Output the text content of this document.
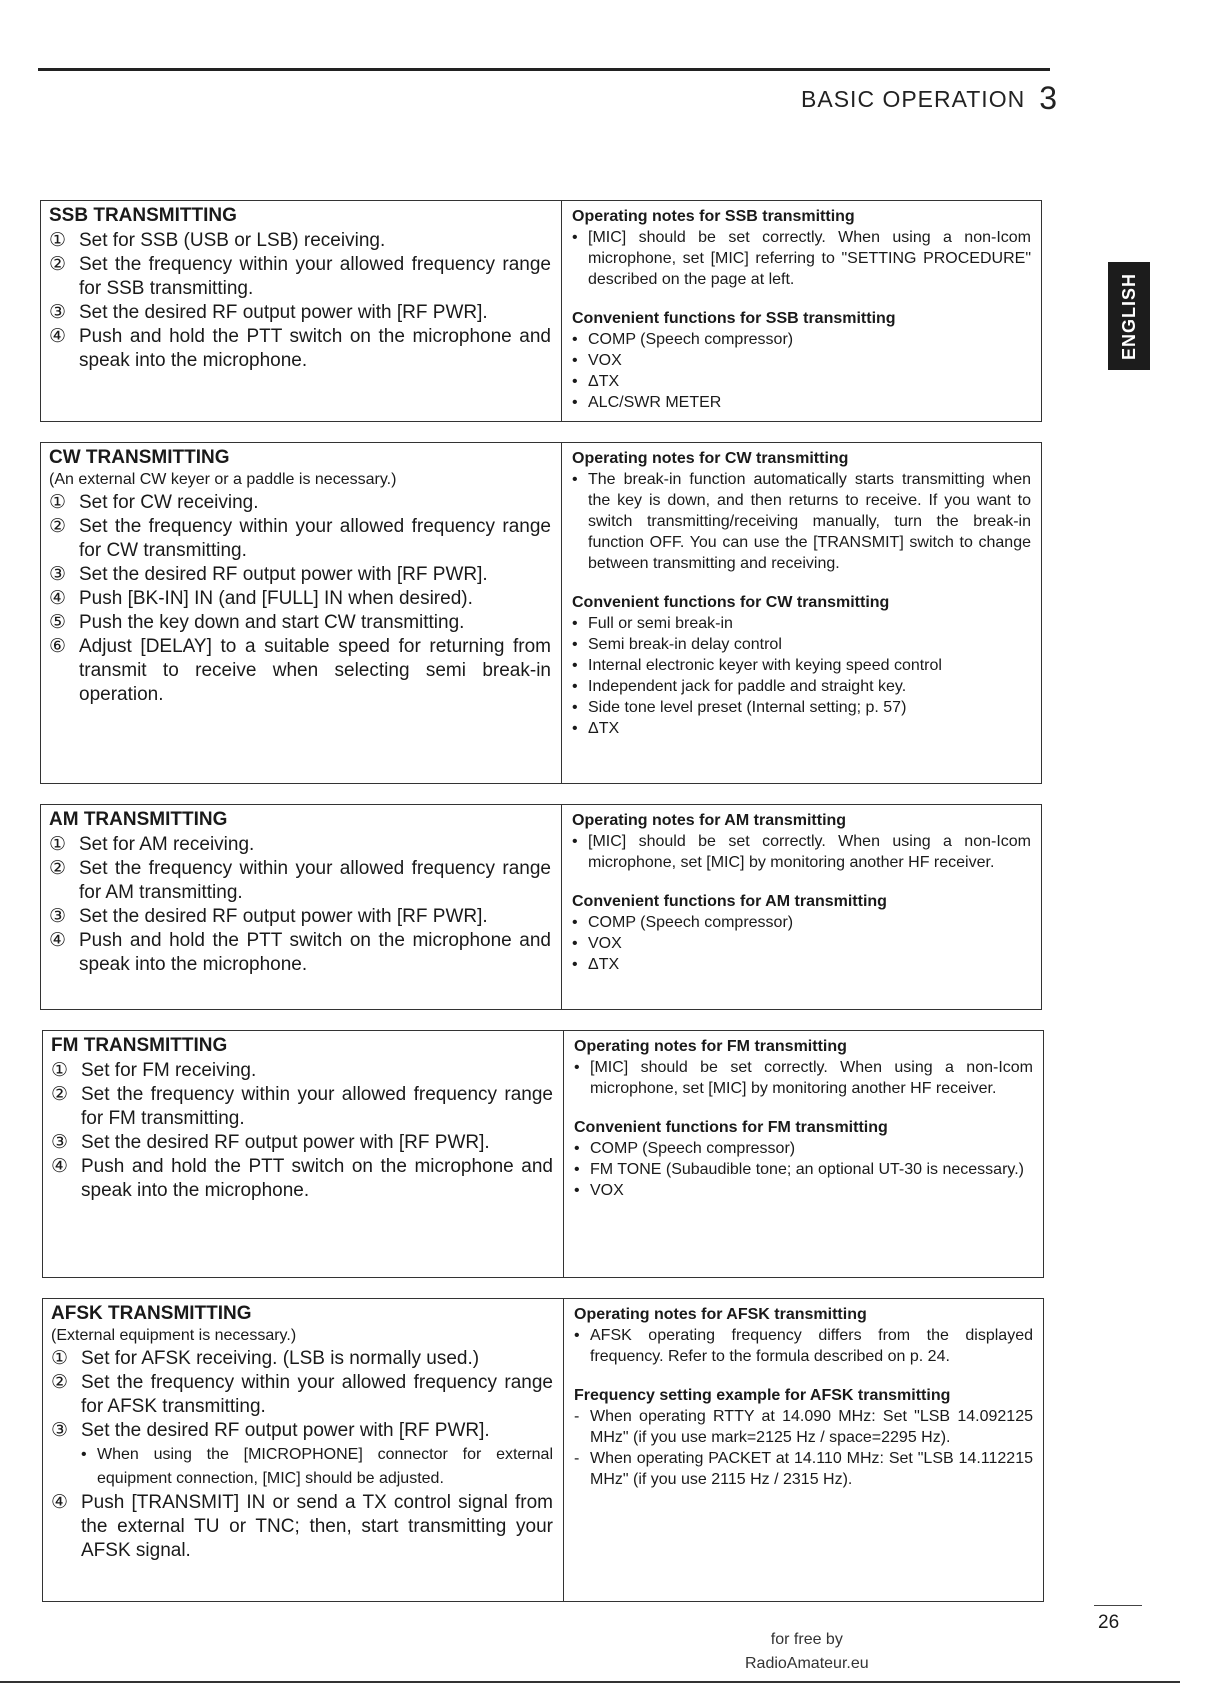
BASIC OPERATION 3
ENGLISH
SSB TRANSMITTING
① Set for SSB (USB or LSB) receiving.
② Set the frequency within your allowed frequency range for SSB transmitting.
③ Set the desired RF output power with [RF PWR].
④ Push and hold the PTT switch on the microphone and speak into the microphone.
Operating notes for SSB transmitting
• [MIC] should be set correctly. When using a non-Icom microphone, set [MIC] referring to "SETTING PROCEDURE" described on the page at left.
Convenient functions for SSB transmitting
• COMP (Speech compressor)
• VOX
• ΔTX
• ALC/SWR METER
CW TRANSMITTING
(An external CW keyer or a paddle is necessary.)
① Set for CW receiving.
② Set the frequency within your allowed frequency range for CW transmitting.
③ Set the desired RF output power with [RF PWR].
④ Push [BK-IN] IN (and [FULL] IN when desired).
⑤ Push the key down and start CW transmitting.
⑥ Adjust [DELAY] to a suitable speed for returning from transmit to receive when selecting semi break-in operation.
Operating notes for CW transmitting
• The break-in function automatically starts transmitting when the key is down, and then returns to receive. If you want to switch transmitting/receiving manually, turn the break-in function OFF. You can use the [TRANSMIT] switch to change between transmitting and receiving.
Convenient functions for CW transmitting
• Full or semi break-in
• Semi break-in delay control
• Internal electronic keyer with keying speed control
• Independent jack for paddle and straight key.
• Side tone level preset (Internal setting; p. 57)
• ΔTX
AM TRANSMITTING
① Set for AM receiving.
② Set the frequency within your allowed frequency range for AM transmitting.
③ Set the desired RF output power with [RF PWR].
④ Push and hold the PTT switch on the microphone and speak into the microphone.
Operating notes for AM transmitting
• [MIC] should be set correctly. When using a non-Icom microphone, set [MIC] by monitoring another HF receiver.
Convenient functions for AM transmitting
• COMP (Speech compressor)
• VOX
• ΔTX
FM TRANSMITTING
① Set for FM receiving.
② Set the frequency within your allowed frequency range for FM transmitting.
③ Set the desired RF output power with [RF PWR].
④ Push and hold the PTT switch on the microphone and speak into the microphone.
Operating notes for FM transmitting
• [MIC] should be set correctly. When using a non-Icom microphone, set [MIC] by monitoring another HF receiver.
Convenient functions for FM transmitting
• COMP (Speech compressor)
• FM TONE (Subaudible tone; an optional UT-30 is necessary.)
• VOX
AFSK TRANSMITTING
(External equipment is necessary.)
① Set for AFSK receiving. (LSB is normally used.)
② Set the frequency within your allowed frequency range for AFSK transmitting.
③ Set the desired RF output power with [RF PWR].
• When using the [MICROPHONE] connector for external equipment connection, [MIC] should be adjusted.
④ Push [TRANSMIT] IN or send a TX control signal from the external TU or TNC; then, start transmitting your AFSK signal.
Operating notes for AFSK transmitting
• AFSK operating frequency differs from the displayed frequency. Refer to the formula described on p. 24.
Frequency setting example for AFSK transmitting
- When operating RTTY at 14.090 MHz: Set "LSB 14.092125 MHz" (if you use mark=2125 Hz / space=2295 Hz).
- When operating PACKET at 14.110 MHz: Set "LSB 14.112215 MHz" (if you use 2115 Hz / 2315 Hz).
26
for free by
RadioAmateur.eu
